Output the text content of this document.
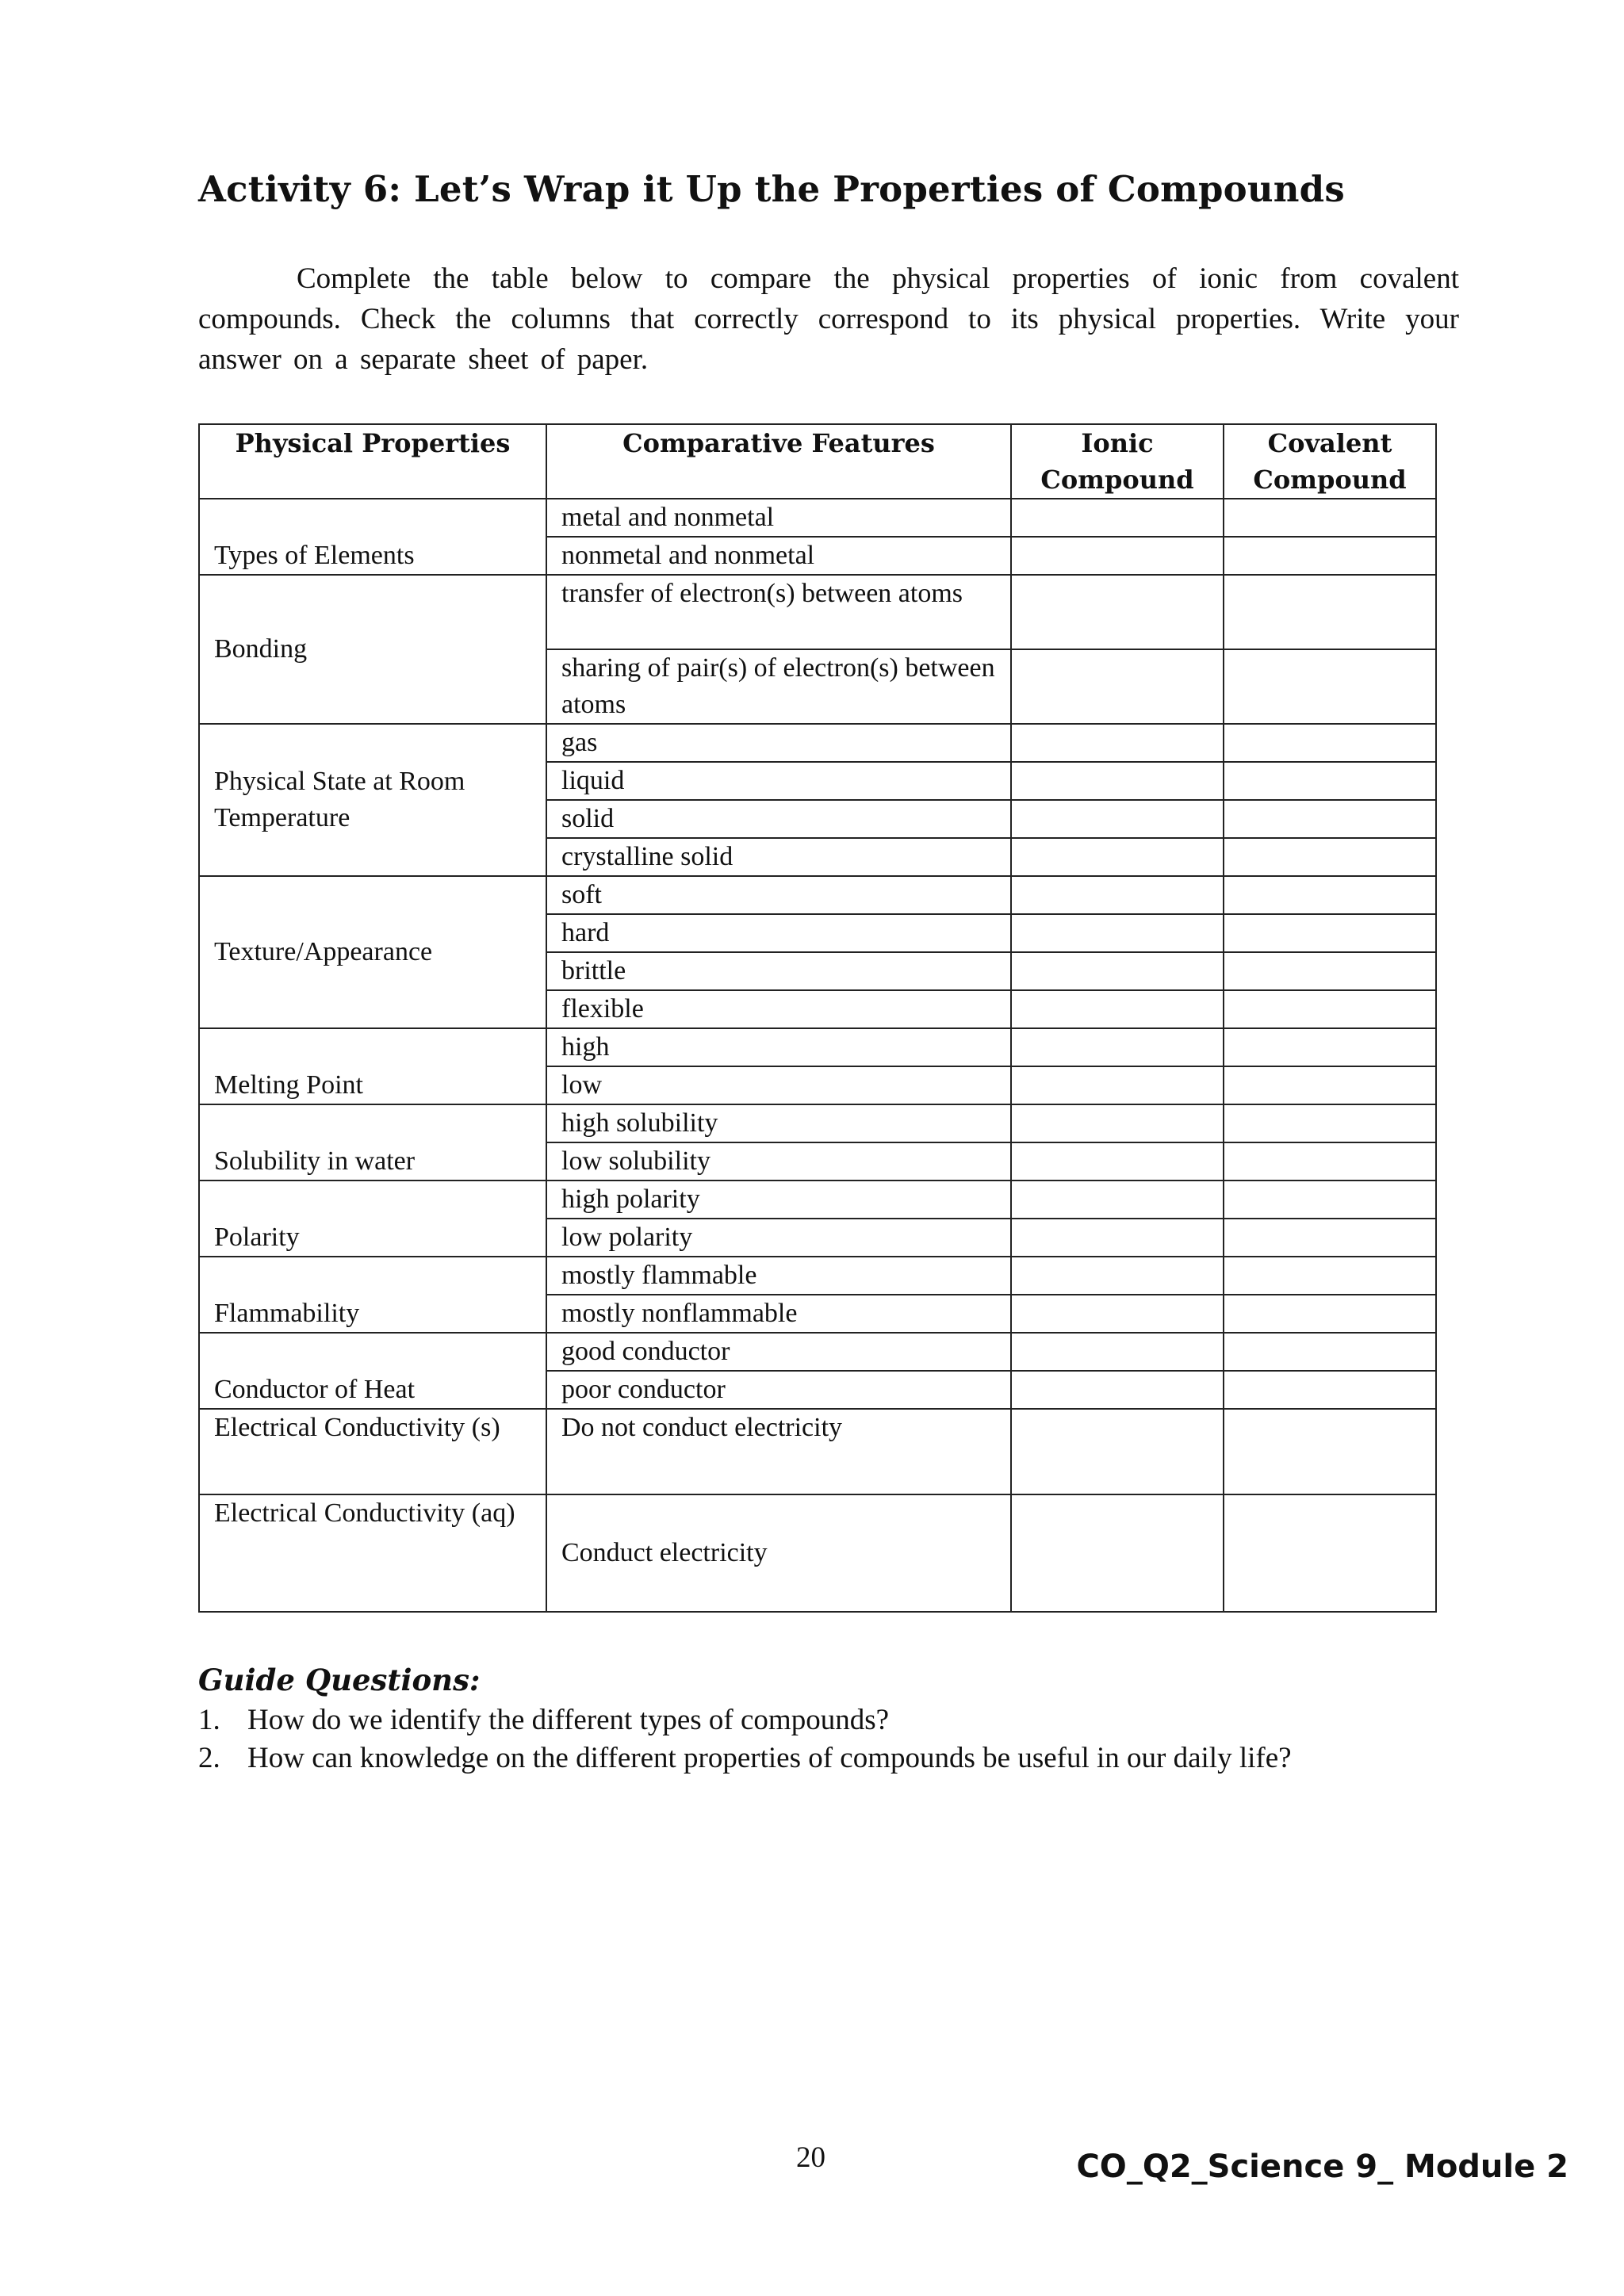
Activity 6: Let’s Wrap it Up the Properties of Compounds
Complete the table below to compare the physical properties of ionic from covalent compounds. Check the columns that correctly correspond to its physical properties. Write your answer on a separate sheet of paper.
Physical Properties	Comparative Features	Ionic Compound	Covalent Compound
Types of Elements	metal and nonmetal		
	nonmetal and nonmetal		
Bonding	transfer of electron(s) between atoms		
	sharing of pair(s) of electron(s) between atoms		
Physical State at Room Temperature	gas		
	liquid		
	solid		
	crystalline solid		
Texture/Appearance	soft		
	hard		
	brittle		
	flexible		
Melting Point	high		
	low		
Solubility in water	high solubility		
	low solubility		
Polarity	high polarity		
	low polarity		
Flammability	mostly flammable		
	mostly nonflammable		
Conductor of Heat	good conductor		
	poor conductor		
Electrical Conductivity (s)	Do not conduct electricity		
Electrical Conductivity (aq)	Conduct electricity		
Guide Questions:
1. How do we identify the different types of compounds?
2. How can knowledge on the different properties of compounds be useful in our daily life?
20	CO_Q2_Science 9_ Module 2
